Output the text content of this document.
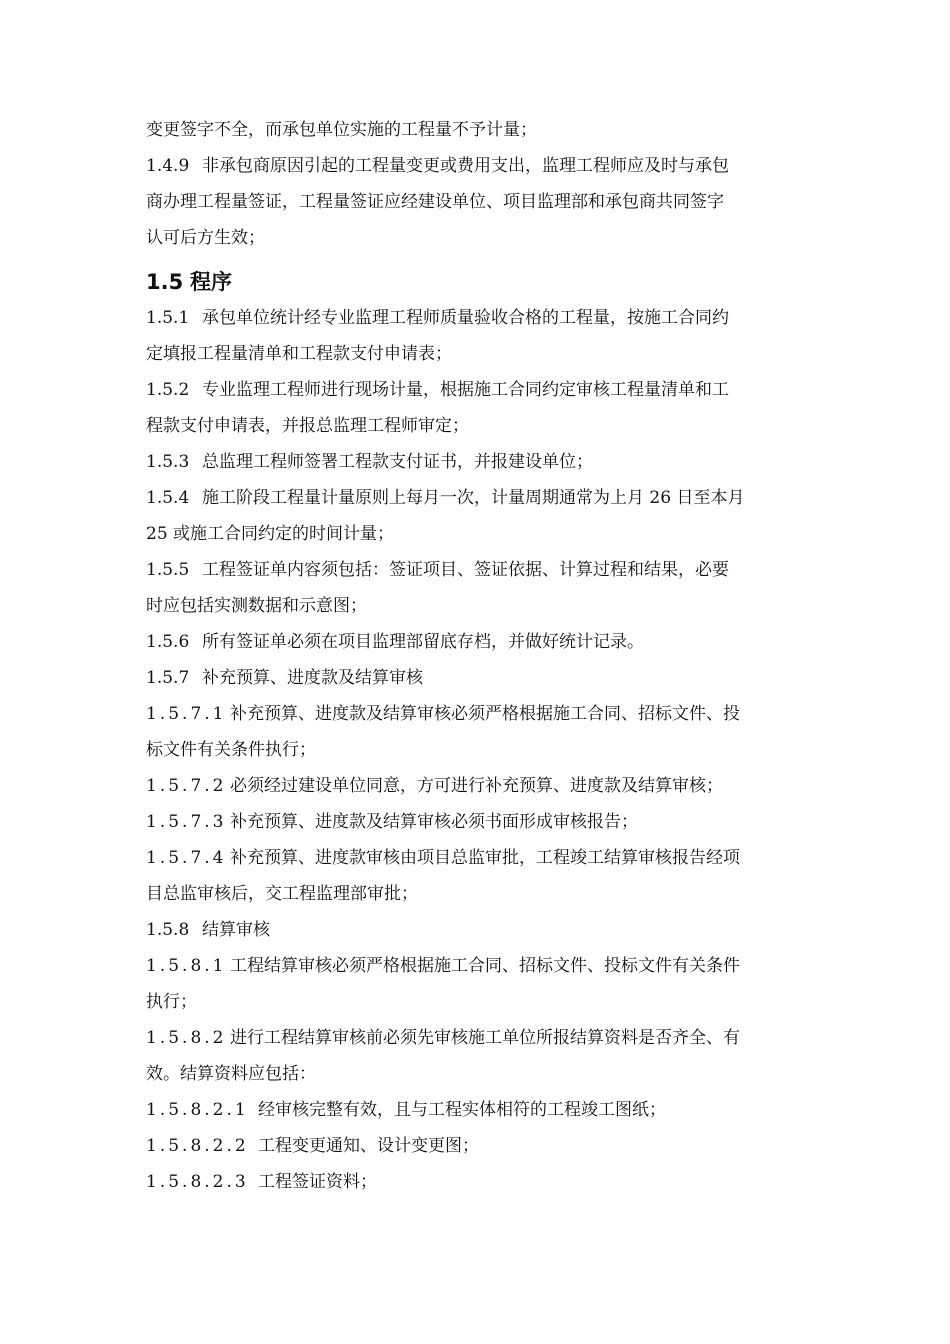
变更签字不全，而承包单位实施的工程量不予计量；
1.4.9 非承包商原因引起的工程量变更或费用支出，监理工程师应及时与承包
商办理工程量签证，工程量签证应经建设单位、项目监理部和承包商共同签字
认可后方生效；
1.5 程序
1.5.1 承包单位统计经专业监理工程师质量验收合格的工程量，按施工合同约
定填报工程量清单和工程款支付申请表；
1.5.2 专业监理工程师进行现场计量，根据施工合同约定审核工程量清单和工
程款支付申请表，并报总监理工程师审定；
1.5.3 总监理工程师签署工程款支付证书，并报建设单位；
1.5.4 施工阶段工程量计量原则上每月一次，计量周期通常为上月 26 日至本月
25 或施工合同约定的时间计量；
1.5.5 工程签证单内容须包括：签证项目、签证依据、计算过程和结果，必要
时应包括实测数据和示意图；
1.5.6 所有签证单必须在项目监理部留底存档，并做好统计记录。
1.5.7 补充预算、进度款及结算审核
1.5.7.1 补充预算、进度款及结算审核必须严格根据施工合同、招标文件、投
标文件有关条件执行；
1.5.7.2 必须经过建设单位同意，方可进行补充预算、进度款及结算审核；
1.5.7.3 补充预算、进度款及结算审核必须书面形成审核报告；
1.5.7.4 补充预算、进度款审核由项目总监审批，工程竣工结算审核报告经项
目总监审核后，交工程监理部审批；
1.5.8 结算审核
1.5.8.1 工程结算审核必须严格根据施工合同、招标文件、投标文件有关条件
执行；
1.5.8.2 进行工程结算审核前必须先审核施工单位所报结算资料是否齐全、有
效。结算资料应包括：
1.5.8.2.1 经审核完整有效，且与工程实体相符的工程竣工图纸；
1.5.8.2.2 工程变更通知、设计变更图；
1.5.8.2.3 工程签证资料；
